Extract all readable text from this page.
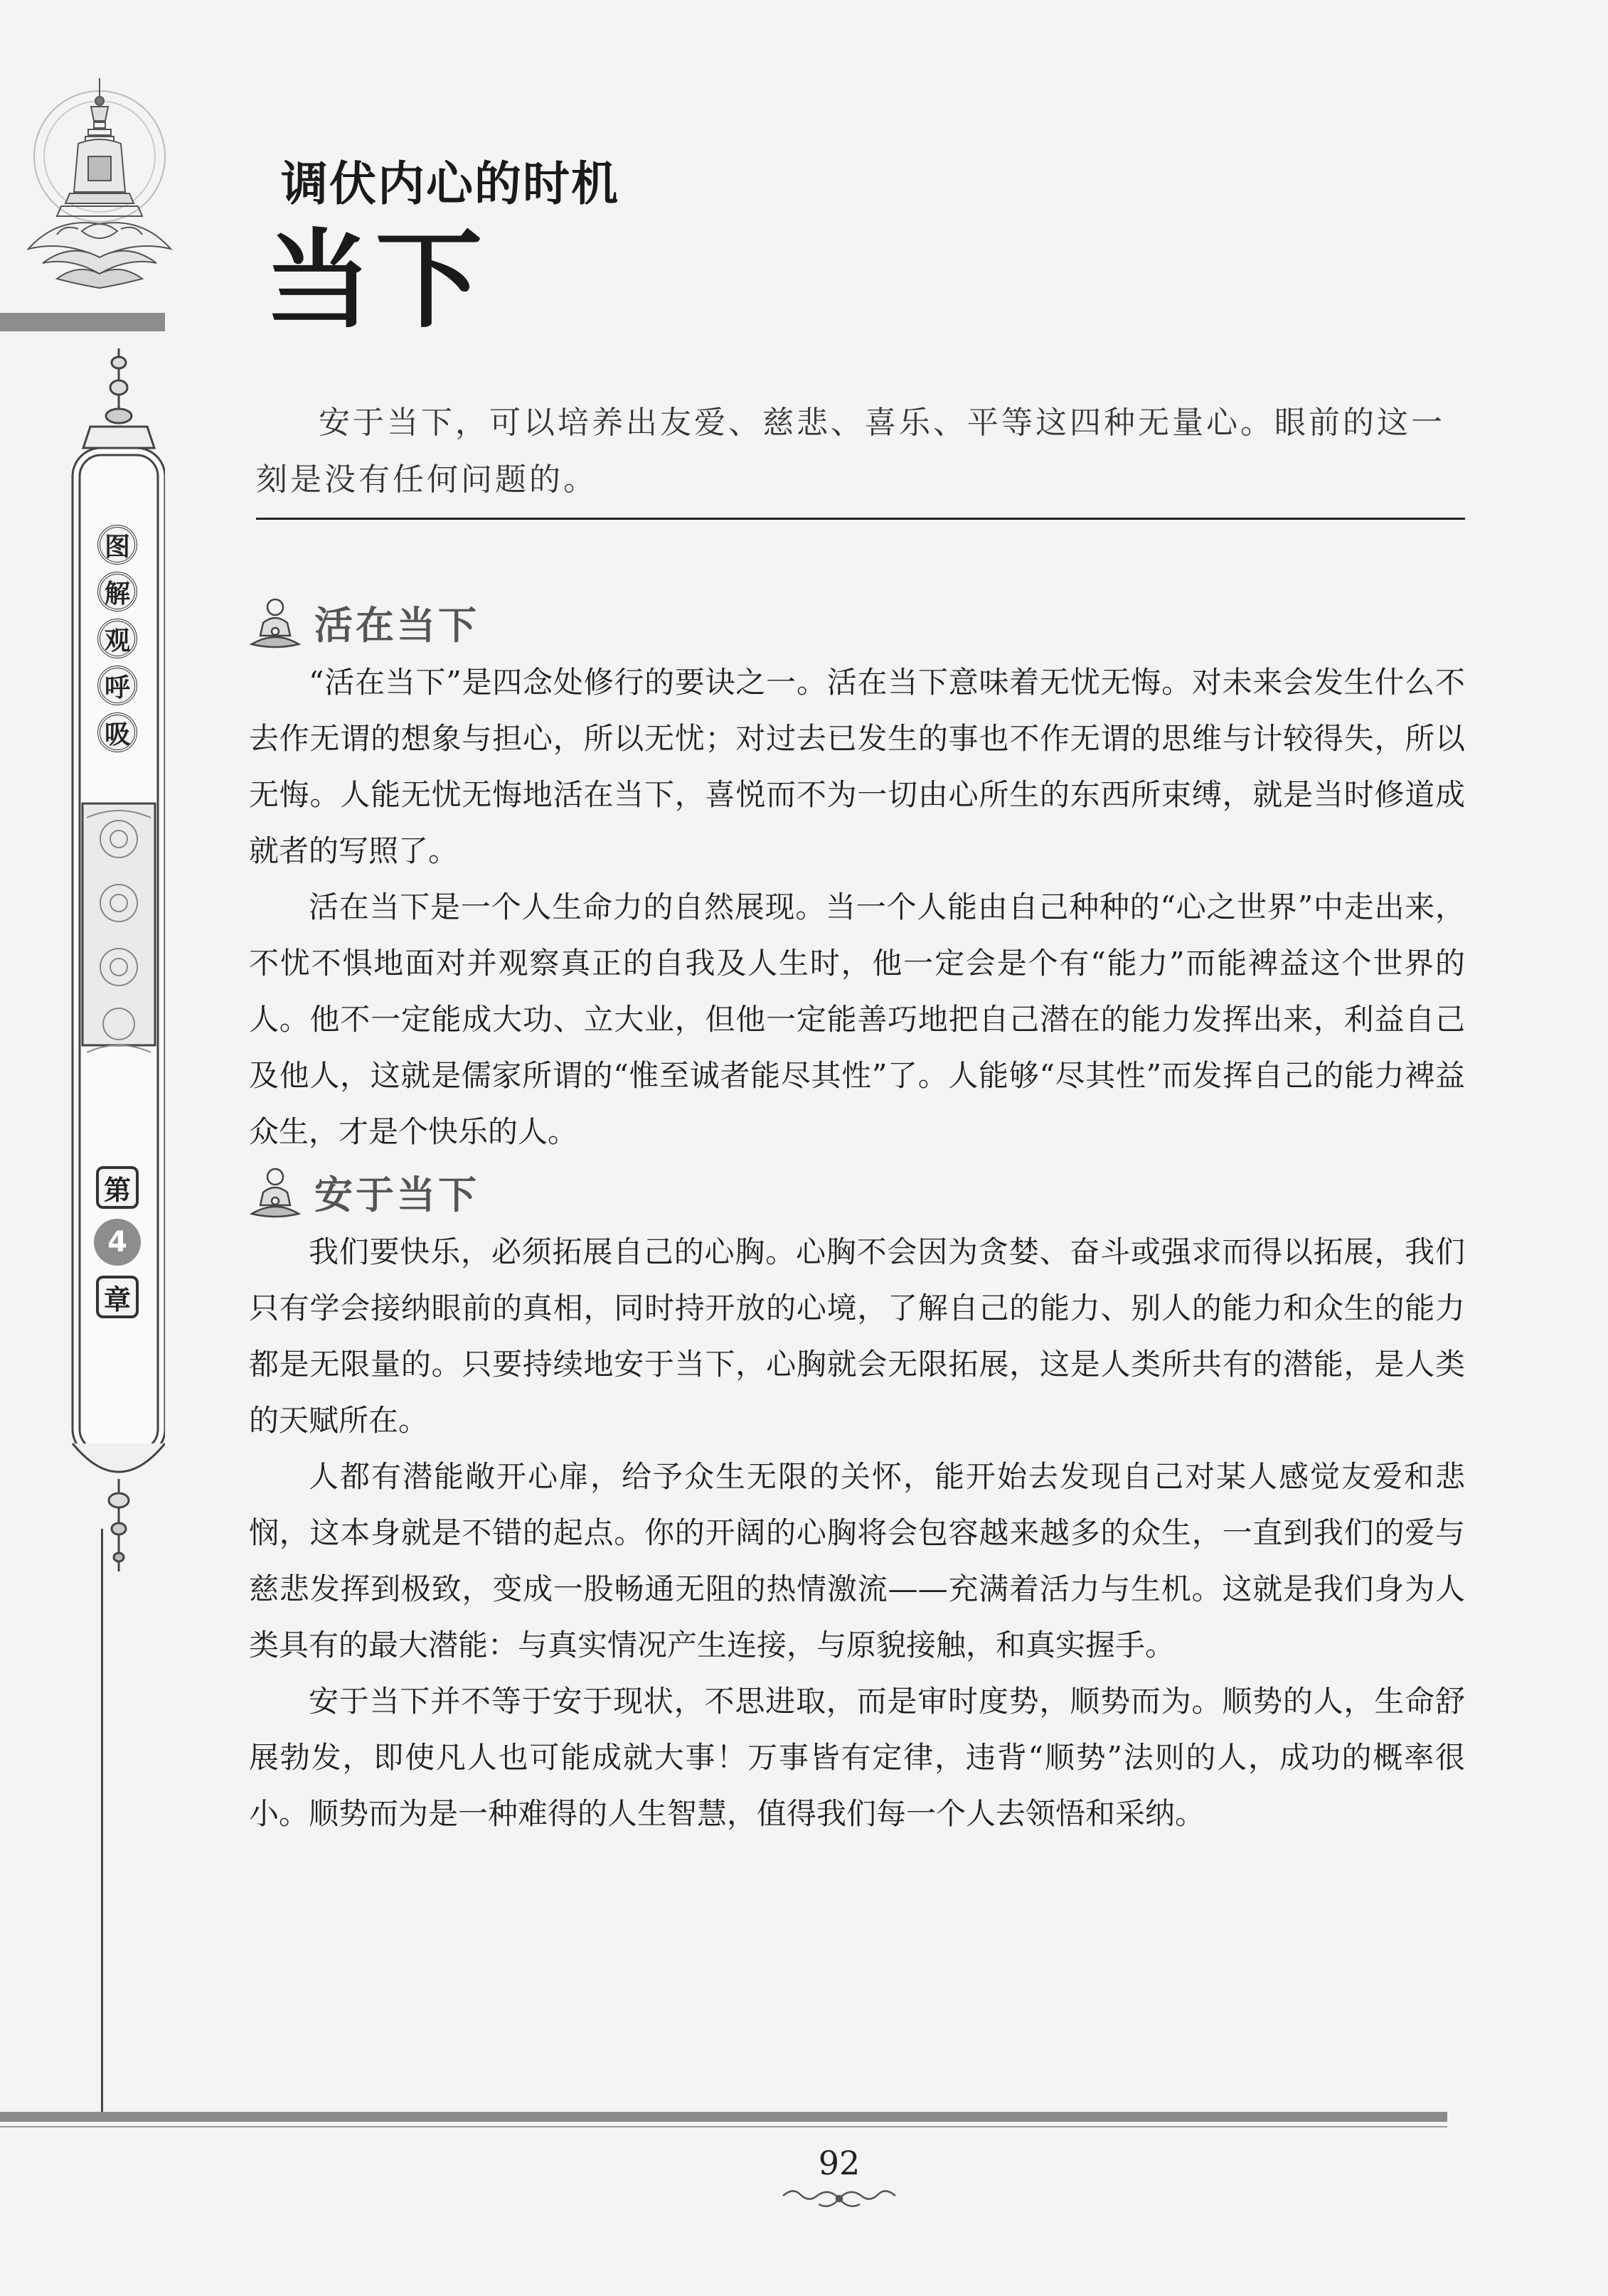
图
解
观
呼
吸
第
4
章
调伏内心的时机
当下

安于当下，可以培养出友爱、慈悲、喜乐、平等这四种无量心。眼前的这一刻是没有任何问题的。

活在当下

“活在当下”是四念处修行的要诀之一。活在当下意味着无忧无悔。对未来会发生什么不去作无谓的想象与担心，所以无忧；对过去已发生的事也不作无谓的思维与计较得失，所以无悔。人能无忧无悔地活在当下，喜悦而不为一切由心所生的东西所束缚，就是当时修道成就者的写照了。

活在当下是一个人生命力的自然展现。当一个人能由自己种种的“心之世界”中走出来，不忧不惧地面对并观察真正的自我及人生时，他一定会是个有“能力”而能裨益这个世界的人。他不一定能成大功、立大业，但他一定能善巧地把自己潜在的能力发挥出来，利益自己及他人，这就是儒家所谓的“惟至诚者能尽其性”了。人能够“尽其性”而发挥自己的能力裨益众生，才是个快乐的人。

安于当下

我们要快乐，必须拓展自己的心胸。心胸不会因为贪婪、奋斗或强求而得以拓展，我们只有学会接纳眼前的真相，同时持开放的心境，了解自己的能力、别人的能力和众生的能力都是无限量的。只要持续地安于当下，心胸就会无限拓展，这是人类所共有的潜能，是人类的天赋所在。

人都有潜能敞开心扉，给予众生无限的关怀，能开始去发现自己对某人感觉友爱和悲悯，这本身就是不错的起点。你的开阔的心胸将会包容越来越多的众生，一直到我们的爱与慈悲发挥到极致，变成一股畅通无阻的热情激流——充满着活力与生机。这就是我们身为人类具有的最大潜能：与真实情况产生连接，与原貌接触，和真实握手。

安于当下并不等于安于现状，不思进取，而是审时度势，顺势而为。顺势的人，生命舒展勃发，即使凡人也可能成就大事！万事皆有定律，违背“顺势”法则的人，成功的概率很小。顺势而为是一种难得的人生智慧，值得我们每一个人去领悟和采纳。

92
